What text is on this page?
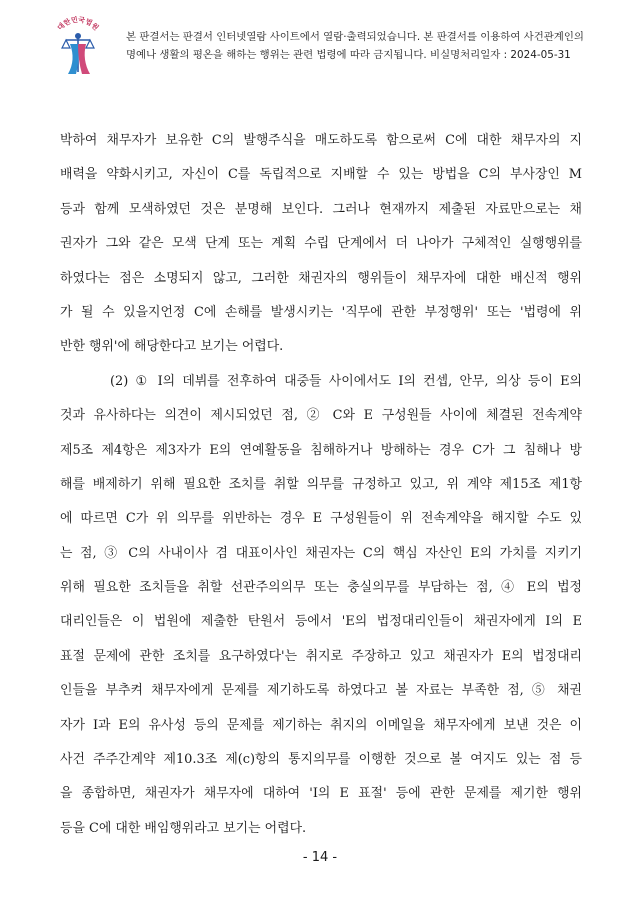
대한민국법원
본 판결서는 판결서 인터넷열람 사이트에서 열람·출력되었습니다. 본 판결서를 이용하여 사건관계인의
명예나 생활의 평온을 해하는 행위는 관련 법령에 따라 금지됩니다. 비실명처리일자 : 2024-05-31
박하여 채무자가 보유한 C의 발행주식을 매도하도록 함으로써 C에 대한 채무자의 지
배력을 약화시키고, 자신이 C를 독립적으로 지배할 수 있는 방법을 C의 부사장인 M
등과 함께 모색하였던 것은 분명해 보인다. 그러나 현재까지 제출된 자료만으로는 채
권자가 그와 같은 모색 단계 또는 계획 수립 단계에서 더 나아가 구체적인 실행행위를
하였다는 점은 소명되지 않고, 그러한 채권자의 행위들이 채무자에 대한 배신적 행위
가 될 수 있을지언정 C에 손해를 발생시키는 '직무에 관한 부정행위' 또는 '법령에 위
반한 행위'에 해당한다고 보기는 어렵다.
(2) ① I의 데뷔를 전후하여 대중들 사이에서도 I의 컨셉, 안무, 의상 등이 E의
것과 유사하다는 의견이 제시되었던 점, ② C와 E 구성원들 사이에 체결된 전속계약
제5조 제4항은 제3자가 E의 연예활동을 침해하거나 방해하는 경우 C가 그 침해나 방
해를 배제하기 위해 필요한 조치를 취할 의무를 규정하고 있고, 위 계약 제15조 제1항
에 따르면 C가 위 의무를 위반하는 경우 E 구성원들이 위 전속계약을 해지할 수도 있
는 점, ③ C의 사내이사 겸 대표이사인 채권자는 C의 핵심 자산인 E의 가치를 지키기
위해 필요한 조치들을 취할 선관주의의무 또는 충실의무를 부담하는 점, ④ E의 법정
대리인들은 이 법원에 제출한 탄원서 등에서 'E의 법정대리인들이 채권자에게 I의 E
표절 문제에 관한 조치를 요구하였다'는 취지로 주장하고 있고 채권자가 E의 법정대리
인들을 부추켜 채무자에게 문제를 제기하도록 하였다고 볼 자료는 부족한 점, ⑤ 채권
자가 I과 E의 유사성 등의 문제를 제기하는 취지의 이메일을 채무자에게 보낸 것은 이
사건 주주간계약 제10.3조 제(c)항의 통지의무를 이행한 것으로 볼 여지도 있는 점 등
을 종합하면, 채권자가 채무자에 대하여 'I의 E 표절' 등에 관한 문제를 제기한 행위
등을 C에 대한 배임행위라고 보기는 어렵다.
- 14 -
